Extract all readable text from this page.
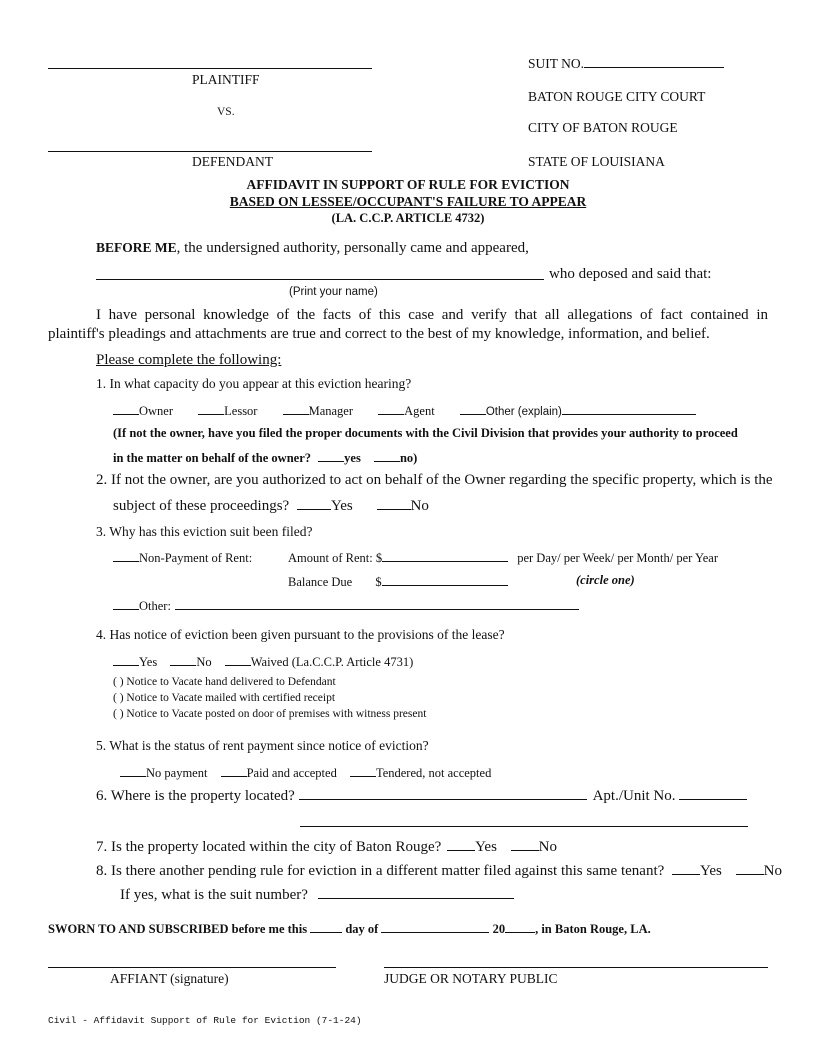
PLAINTIFF
VS.
DEFENDANT
SUIT NO.
BATON ROUGE CITY COURT
CITY OF BATON ROUGE
STATE OF LOUISIANA
AFFIDAVIT IN SUPPORT OF RULE FOR EVICTION
BASED ON LESSEE/OCCUPANT'S FAILURE TO APPEAR
(LA. C.C.P. ARTICLE 4732)
BEFORE ME, the undersigned authority, personally came and appeared,
who deposed and said that:
(Print your name)
I have personal knowledge of the facts of this case and verify that all allegations of fact contained in
plaintiff's pleadings and attachments are true and correct to the best of my knowledge, information, and belief.
Please complete the following:
1. In what capacity do you appear at this eviction hearing?
Owner	Lessor	Manager	Agent	Other (explain)
(If not the owner, have you filed the proper documents with the Civil Division that provides your authority to proceed
in the matter on behalf of the owner?	yes	no)
2. If not the owner, are you authorized to act on behalf of the Owner regarding the specific property, which is the
subject of these proceedings?	Yes	No
3. Why has this eviction suit been filed?
Non-Payment of Rent:	Amount of Rent: $	per Day/ per Week/ per Month/ per Year
Balance Due $	(circle one)
Other:
4. Has notice of eviction been given pursuant to the provisions of the lease?
Yes	No	Waived (La.C.C.P. Article 4731)
( ) Notice to Vacate hand delivered to Defendant
( ) Notice to Vacate mailed with certified receipt
( ) Notice to Vacate posted on door of premises with witness present
5. What is the status of rent payment since notice of eviction?
No payment	Paid and accepted	Tendered, not accepted
6. Where is the property located?	Apt./Unit No.
7. Is the property located within the city of Baton Rouge? Yes	No
8. Is there another pending rule for eviction in a different matter filed against this same tenant? Yes	No
If yes, what is the suit number?
SWORN TO AND SUBSCRIBED before me this	day of	20 , in Baton Rouge, LA.
AFFIANT (signature)	JUDGE OR NOTARY PUBLIC
Civil - Affidavit Support of Rule for Eviction (7-1-24)
